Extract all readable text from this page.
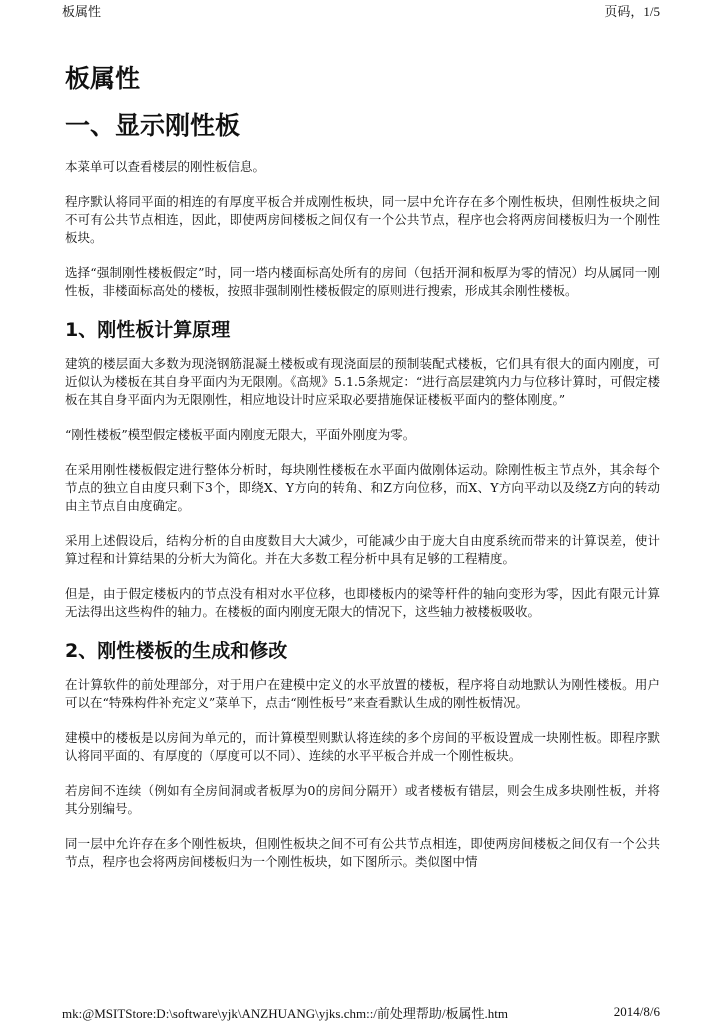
板属性	页码，1/5
板属性
一、显示刚性板

本菜单可以查看楼层的刚性板信息。

程序默认将同平面的相连的有厚度平板合并成刚性板块，同一层中允许存在多个刚性板块，但刚性板块之间不可有公共节点相连，因此，即使两房间楼板之间仅有一个公共节点，程序也会将两房间楼板归为一个刚性板块。

选择“强制刚性楼板假定”时，同一塔内楼面标高处所有的房间（包括开洞和板厚为零的情况）均从属同一刚性板，非楼面标高处的楼板，按照非强制刚性楼板假定的原则进行搜索，形成其余刚性楼板。

1、刚性板计算原理

建筑的楼层面大多数为现浇钢筋混凝土楼板或有现浇面层的预制装配式楼板，它们具有很大的面内刚度，可近似认为楼板在其自身平面内为无限刚。《高规》5.1.5条规定：“进行高层建筑内力与位移计算时，可假定楼板在其自身平面内为无限刚性，相应地设计时应采取必要措施保证楼板平面内的整体刚度。”

“刚性楼板”模型假定楼板平面内刚度无限大，平面外刚度为零。

在采用刚性楼板假定进行整体分析时，每块刚性楼板在水平面内做刚体运动。除刚性板主节点外，其余每个节点的独立自由度只剩下3个，即绕X、Y方向的转角、和Z方向位移，而X、Y方向平动以及绕Z方向的转动由主节点自由度确定。

采用上述假设后，结构分析的自由度数目大大减少，可能减少由于庞大自由度系统而带来的计算误差，使计算过程和计算结果的分析大为简化。并在大多数工程分析中具有足够的工程精度。

但是，由于假定楼板内的节点没有相对水平位移，也即楼板内的梁等杆件的轴向变形为零，因此有限元计算无法得出这些构件的轴力。在楼板的面内刚度无限大的情况下，这些轴力被楼板吸收。

2、刚性楼板的生成和修改

在计算软件的前处理部分，对于用户在建模中定义的水平放置的楼板，程序将自动地默认为刚性楼板。用户可以在“特殊构件补充定义”菜单下，点击“刚性板号”来查看默认生成的刚性板情况。

建模中的楼板是以房间为单元的，而计算模型则默认将连续的多个房间的平板设置成一块刚性板。即程序默认将同平面的、有厚度的（厚度可以不同）、连续的水平平板合并成一个刚性板块。

若房间不连续（例如有全房间洞或者板厚为0的房间分隔开）或者楼板有错层，则会生成多块刚性板，并将其分别编号。

同一层中允许存在多个刚性板块，但刚性板块之间不可有公共节点相连，即使两房间楼板之间仅有一个公共节点，程序也会将两房间楼板归为一个刚性板块，如下图所示。类似图中情

mk:@MSITStore:D:\software\yjk\ANZHUANG\yjks.chm::/前处理帮助/板属性.htm	2014/8/6
